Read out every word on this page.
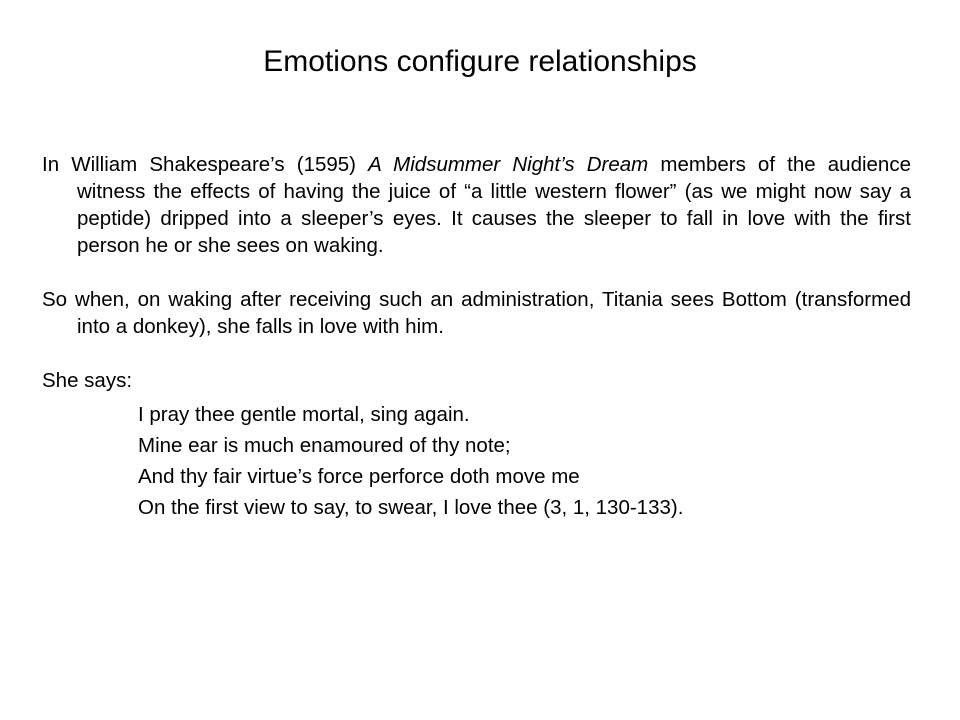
Emotions configure relationships

In William Shakespeare’s (1595) A Midsummer Night’s Dream members of the audience witness the effects of having the juice of “a little western flower” (as we might now say a peptide) dripped into a sleeper’s eyes. It causes the sleeper to fall in love with the first person he or she sees on waking.

So when, on waking after receiving such an administration, Titania sees Bottom (transformed into a donkey), she falls in love with him.

She says:

I pray thee gentle mortal, sing again.

Mine ear is much enamoured of thy note;

And thy fair virtue’s force perforce doth move me

On the first view to say, to swear, I love thee (3, 1, 130-133).
